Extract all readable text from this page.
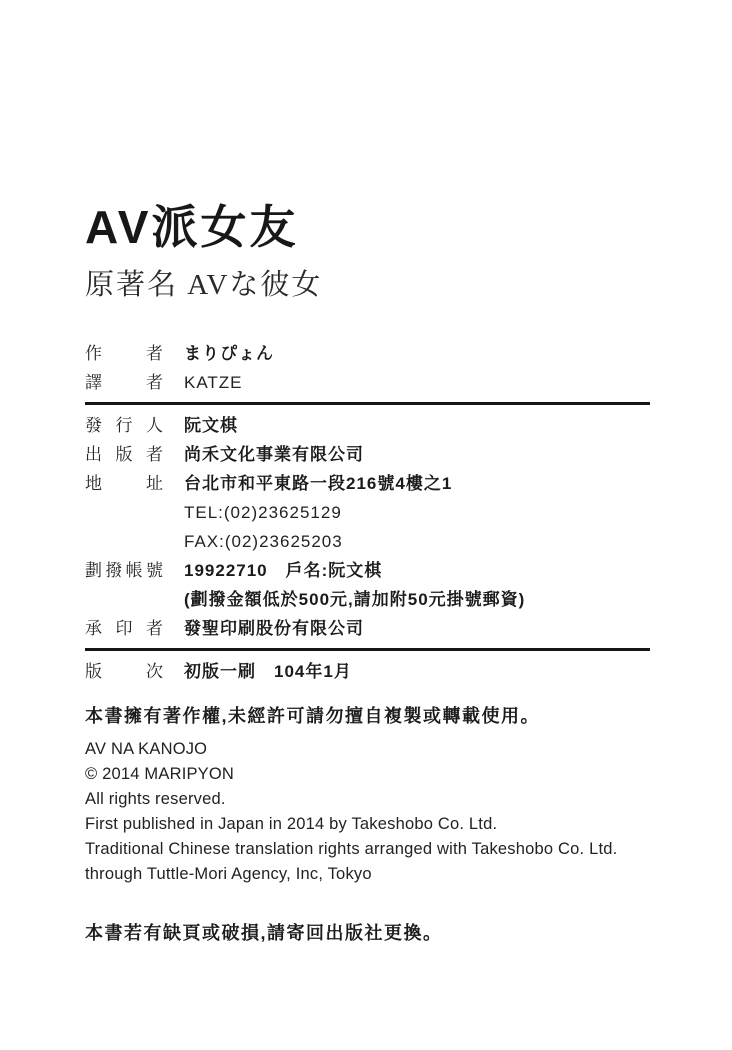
AV派女友
原著名 AVな彼女
作	者 まりぴょん
譯	者 KATZE
發 行 人 阮文棋
出 版 者 尚禾文化事業有限公司
地	址 台北市和平東路一段216號4樓之1
TEL:(02)23625129
FAX:(02)23625203
劃 撥 帳 號 19922710　戶名:阮文棋
(劃撥金額低於500元,請加附50元掛號郵資)
承 印 者 發聖印刷股份有限公司
版	次 初版一刷　104年1月
本書擁有著作權,未經許可請勿擅自複製或轉載使用。
AV NA KANOJO
© 2014 MARIPYON
All rights reserved.
First published in Japan in 2014 by Takeshobo Co. Ltd.
Traditional Chinese translation rights arranged with Takeshobo Co. Ltd.
through Tuttle-Mori Agency, Inc, Tokyo
本書若有缺頁或破損,請寄回出版社更換。
